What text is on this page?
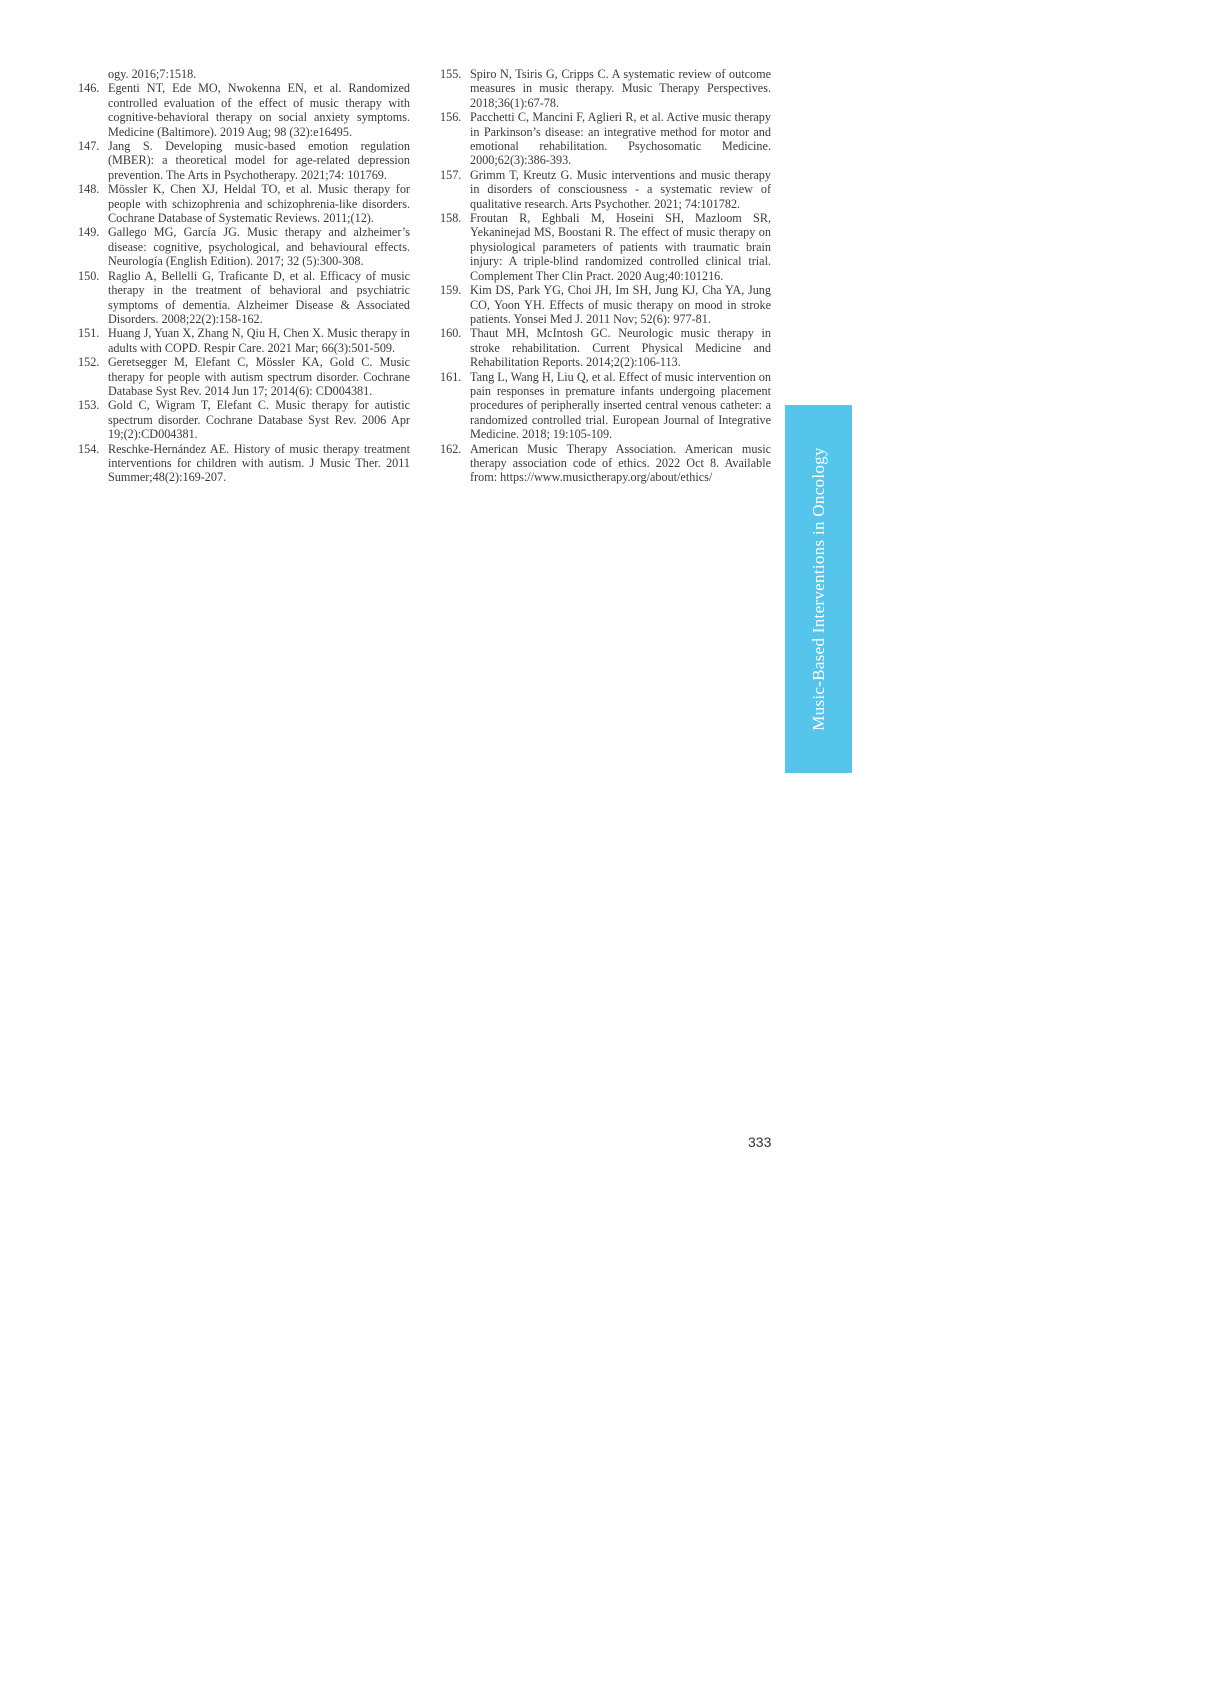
ogy. 2016;7:1518.

146. Egenti NT, Ede MO, Nwokenna EN, et al. Randomized controlled evaluation of the effect of music therapy with cognitive-behavioral therapy on social anxiety symptoms. Medicine (Baltimore). 2019 Aug; 98 (32):e16495.

147. Jang S. Developing music-based emotion regulation (MBER): a theoretical model for age-related depression prevention. The Arts in Psychotherapy. 2021;74: 101769.

148. Mössler K, Chen XJ, Heldal TO, et al. Music therapy for people with schizophrenia and schizophrenia-like disorders. Cochrane Database of Systematic Reviews. 2011;(12).

149. Gallego MG, García JG. Music therapy and alzheimer’s disease: cognitive, psychological, and behavioural effects. Neurología (English Edition). 2017; 32 (5):300-308.

150. Raglio A, Bellelli G, Traficante D, et al. Efficacy of music therapy in the treatment of behavioral and psychiatric symptoms of dementia. Alzheimer Disease & Associated Disorders. 2008;22(2):158-162.

151. Huang J, Yuan X, Zhang N, Qiu H, Chen X. Music therapy in adults with COPD. Respir Care. 2021 Mar; 66(3):501-509.

152. Geretsegger M, Elefant C, Mössler KA, Gold C. Music therapy for people with autism spectrum disorder. Cochrane Database Syst Rev. 2014 Jun 17; 2014(6): CD004381.

153. Gold C, Wigram T, Elefant C. Music therapy for autistic spectrum disorder. Cochrane Database Syst Rev. 2006 Apr 19;(2):CD004381.

154. Reschke-Hernández AE. History of music therapy treatment interventions for children with autism. J Music Ther. 2011 Summer;48(2):169-207.

155. Spiro N, Tsiris G, Cripps C. A systematic review of outcome measures in music therapy. Music Therapy Perspectives. 2018;36(1):67-78.

156. Pacchetti C, Mancini F, Aglieri R, et al. Active music therapy in Parkinson’s disease: an integrative method for motor and emotional rehabilitation. Psychosomatic Medicine. 2000;62(3):386-393.

157. Grimm T, Kreutz G. Music interventions and music therapy in disorders of consciousness - a systematic review of qualitative research. Arts Psychother. 2021; 74:101782.

158. Froutan R, Eghbali M, Hoseini SH, Mazloom SR, Yekaninejad MS, Boostani R. The effect of music therapy on physiological parameters of patients with traumatic brain injury: A triple-blind randomized controlled clinical trial. Complement Ther Clin Pract. 2020 Aug;40:101216.

159. Kim DS, Park YG, Choi JH, Im SH, Jung KJ, Cha YA, Jung CO, Yoon YH. Effects of music therapy on mood in stroke patients. Yonsei Med J. 2011 Nov; 52(6): 977-81.

160. Thaut MH, McIntosh GC. Neurologic music therapy in stroke rehabilitation. Current Physical Medicine and Rehabilitation Reports. 2014;2(2):106-113.

161. Tang L, Wang H, Liu Q, et al. Effect of music intervention on pain responses in premature infants undergoing placement procedures of peripherally inserted central venous catheter: a randomized controlled trial. European Journal of Integrative Medicine. 2018; 19:105-109.

162. American Music Therapy Association. American music therapy association code of ethics. 2022 Oct 8. Available from: https://www.musictherapy.org/about/ethics/	Music-Based Interventions in Oncology
333
